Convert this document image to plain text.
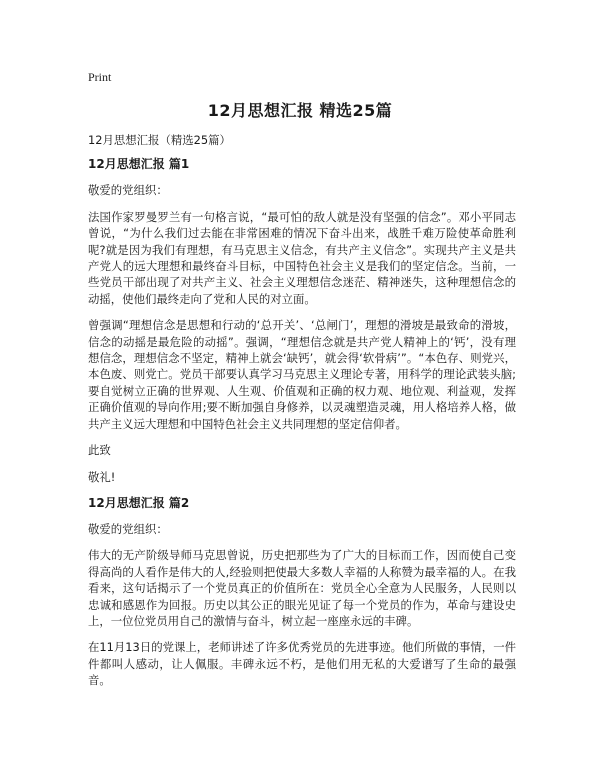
Print
12月思想汇报 精选25篇

12月思想汇报（精选25篇）

12月思想汇报 篇1

敬爱的党组织：

法国作家罗曼罗兰有一句格言说，“最可怕的敌人就是没有坚强的信念”。邓小平同志曾说，“为什么我们过去能在非常困难的情况下奋斗出来，战胜千难万险使革命胜利呢?就是因为我们有理想，有马克思主义信念，有共产主义信念”。实现共产主义是共产党人的远大理想和最终奋斗目标，中国特色社会主义是我们的坚定信念。当前，一些党员干部出现了对共产主义、社会主义理想信念迷茫、精神迷失，这种理想信念的动摇，使他们最终走向了党和人民的对立面。

曾强调“理想信念是思想和行动的‘总开关’、‘总闸门’，理想的滑坡是最致命的滑坡，信念的动摇是最危险的动摇”。强调，“理想信念就是共产党人精神上的‘钙’，没有理想信念，理想信念不坚定，精神上就会‘缺钙’，就会得‘软骨病’”。“本色存、则党兴，本色废、则党亡。党员干部要认真学习马克思主义理论专著，用科学的理论武装头脑;要自觉树立正确的世界观、人生观、价值观和正确的权力观、地位观、利益观，发挥正确价值观的导向作用;要不断加强自身修养，以灵魂塑造灵魂，用人格培养人格，做共产主义远大理想和中国特色社会主义共同理想的坚定信仰者。

此致

敬礼!

12月思想汇报 篇2

敬爱的党组织：

伟大的无产阶级导师马克思曾说，历史把那些为了广大的目标而工作，因而使自己变得高尚的人看作是伟大的人,经验则把使最大多数人幸福的人称赞为最幸福的人。在我看来，这句话揭示了一个党员真正的价值所在：党员全心全意为人民服务，人民则以忠诚和感恩作为回报。历史以其公正的眼光见证了每一个党员的作为，革命与建设史上，一位位党员用自己的激情与奋斗，树立起一座座永远的丰碑。

在11月13日的党课上，老师讲述了许多优秀党员的先进事迹。他们所做的事情，一件件都叫人感动，让人佩服。丰碑永远不朽，是他们用无私的大爱谱写了生命的最强音。
